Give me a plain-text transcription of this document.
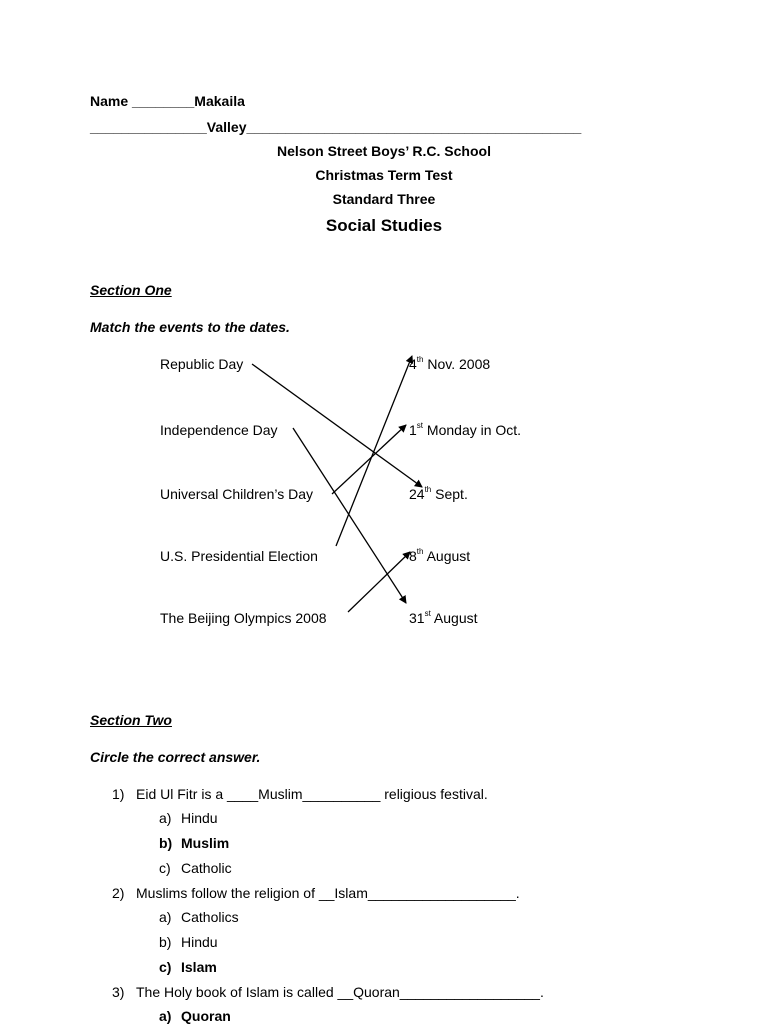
Name ________Makaila
_______________Valley___________________________________________
Nelson Street Boys’ R.C. School
Christmas Term Test
Standard Three
Social Studies
Section One
Match the events to the dates.
Republic Day
Independence Day
Universal Children’s Day
U.S. Presidential Election
The Beijing Olympics 2008
4th Nov. 2008
1st Monday in Oct.
24th Sept.
8th August
31st August
Section Two
Circle the correct answer.
1) Eid Ul Fitr is a ____Muslim__________ religious festival.
a) Hindu
b) Muslim
c) Catholic
2) Muslims follow the religion of __Islam___________________.
a) Catholics
b) Hindu
c) Islam
3) The Holy book of Islam is called __Quoran__________________.
a) Quoran
